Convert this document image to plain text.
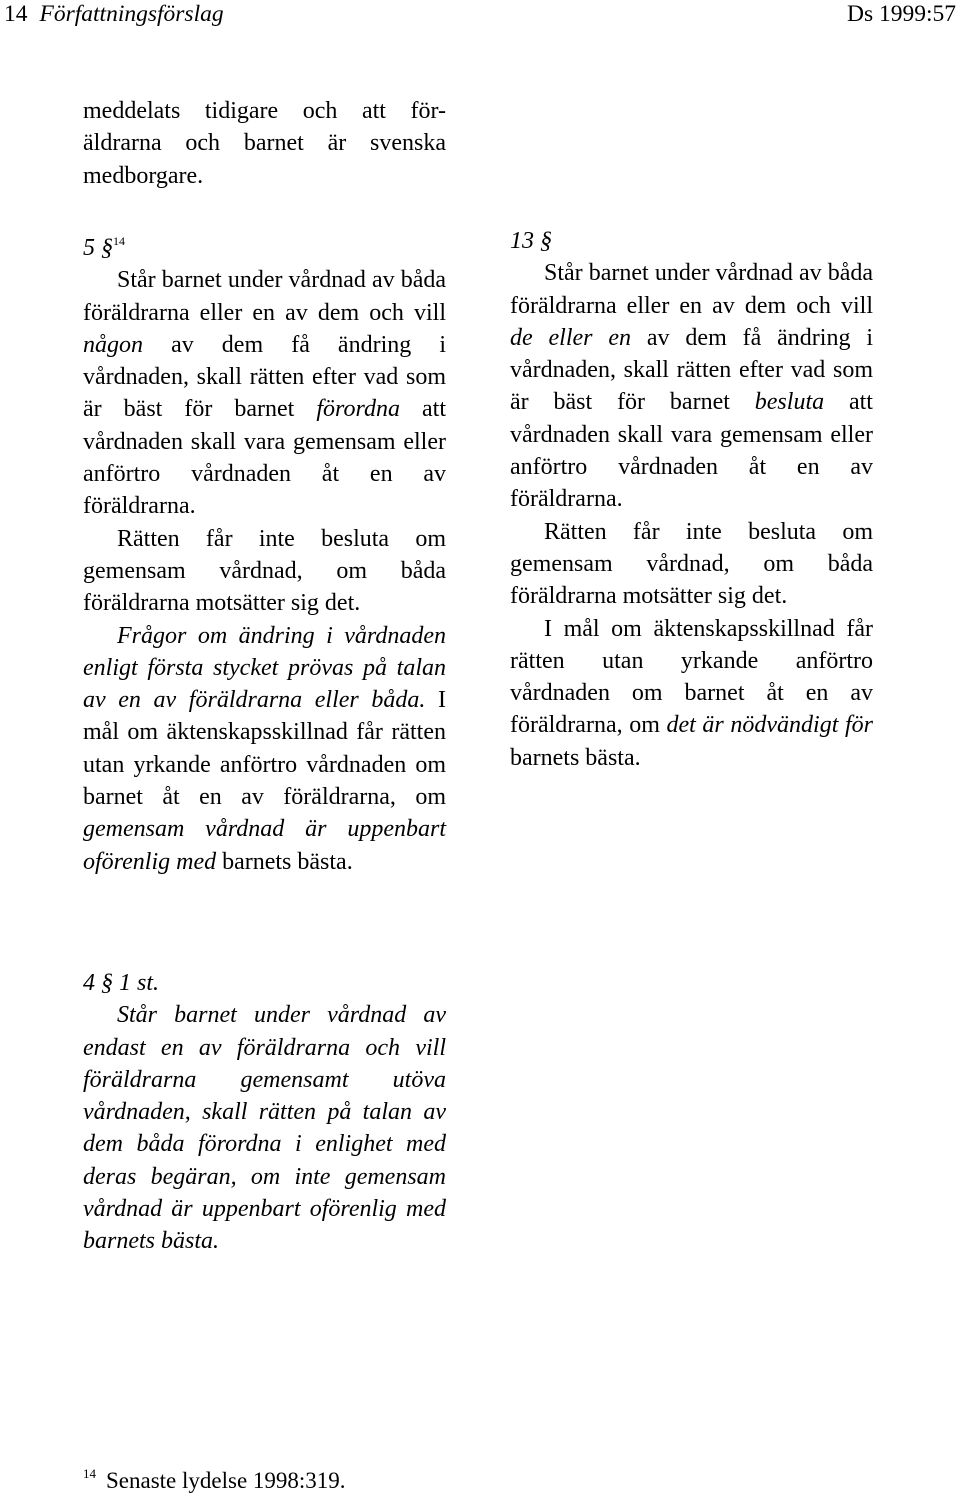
14 Författningsförslag	Ds 1999:57
meddelats tidigare och att för-
äldrarna och barnet är svenska
medborgare.
5 §$^{14}$

Står barnet under vårdnad av båda föräldrarna eller en av dem och vill någon av dem få ändring i vårdnaden, skall rätten efter vad som är bäst för barnet förordna att vårdnaden skall vara gemensam eller anförtro vårdnaden åt en av föräldrarna.

Rätten får inte besluta om gemensam vårdnad, om båda föräldrarna motsätter sig det.

Frågor om ändring i vårdnaden enligt första stycket prövas på talan av en av föräldrarna eller båda. I mål om äktenskapsskillnad får rätten utan yrkande anförtro vårdnaden om barnet åt en av föräldrarna, om gemensam vårdnad är uppenbart oförenlig med barnets bästa.

13 §

Står barnet under vårdnad av båda föräldrarna eller en av dem och vill de eller en av dem få ändring i vårdnaden, skall rätten efter vad som är bäst för barnet besluta att vårdnaden skall vara gemensam eller anförtro vårdnaden åt en av föräldrarna.

Rätten får inte besluta om gemensam vårdnad, om båda föräldrarna motsätter sig det.

I mål om äktenskapsskillnad får rätten utan yrkande anförtro vårdnaden om barnet åt en av föräldrarna, om det är nödvändigt för barnets bästa.

4 § 1 st.

Står barnet under vårdnad av endast en av föräldrarna och vill föräldrarna gemensamt utöva vårdnaden, skall rätten på talan av dem båda förordna i enlighet med deras begäran, om inte gemensam vårdnad är uppenbart oförenlig med barnets bästa.

$^{14}$ Senaste lydelse 1998:319.
